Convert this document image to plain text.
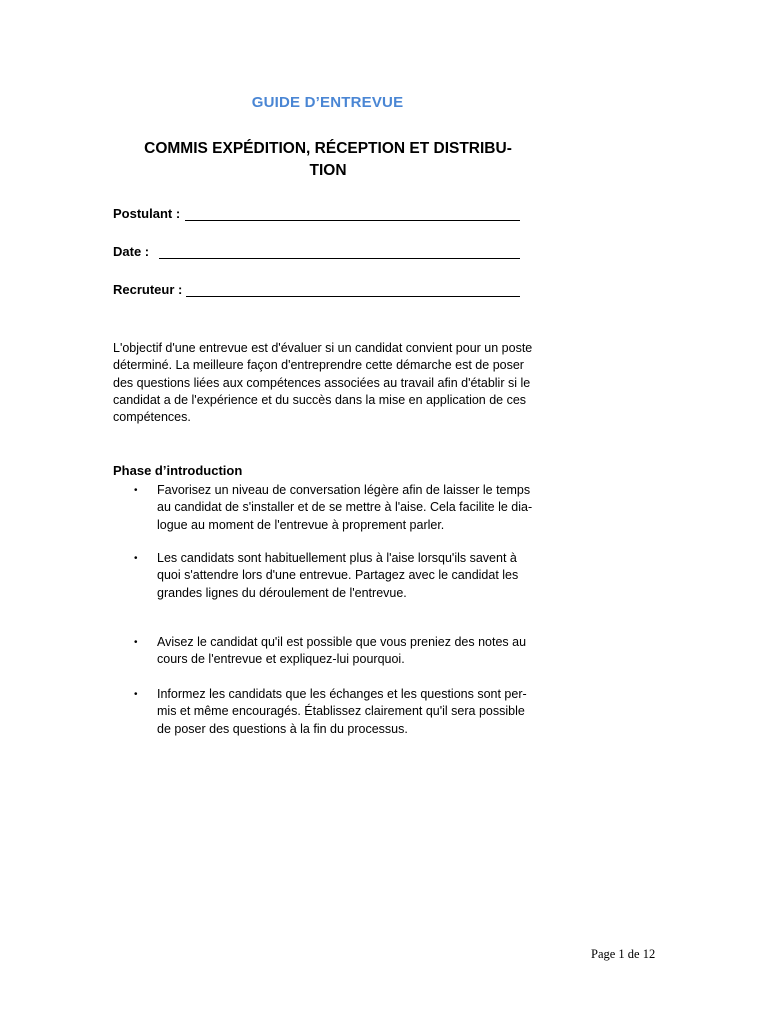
GUIDE D’ENTREVUE
COMMIS EXPÉDITION, RÉCEPTION ET DISTRIBU-
TION
Postulant :
Date :
Recruteur :
L'objectif d'une entrevue est d'évaluer si un candidat convient pour un poste
déterminé. La meilleure façon d'entreprendre cette démarche est de poser
des questions liées aux compétences associées au travail afin d'établir si le
candidat a de l'expérience et du succès dans la mise en application de ces
compétences.
Phase d’introduction
• Favorisez un niveau de conversation légère afin de laisser le temps
au candidat de s'installer et de se mettre à l'aise. Cela facilite le dia-
logue au moment de l'entrevue à proprement parler.
• Les candidats sont habituellement plus à l'aise lorsqu'ils savent à
quoi s'attendre lors d'une entrevue. Partagez avec le candidat les
grandes lignes du déroulement de l'entrevue.
• Avisez le candidat qu'il est possible que vous preniez des notes au
cours de l'entrevue et expliquez-lui pourquoi.
• Informez les candidats que les échanges et les questions sont per-
mis et même encouragés. Établissez clairement qu'il sera possible
de poser des questions à la fin du processus.
Page 1 de 12
